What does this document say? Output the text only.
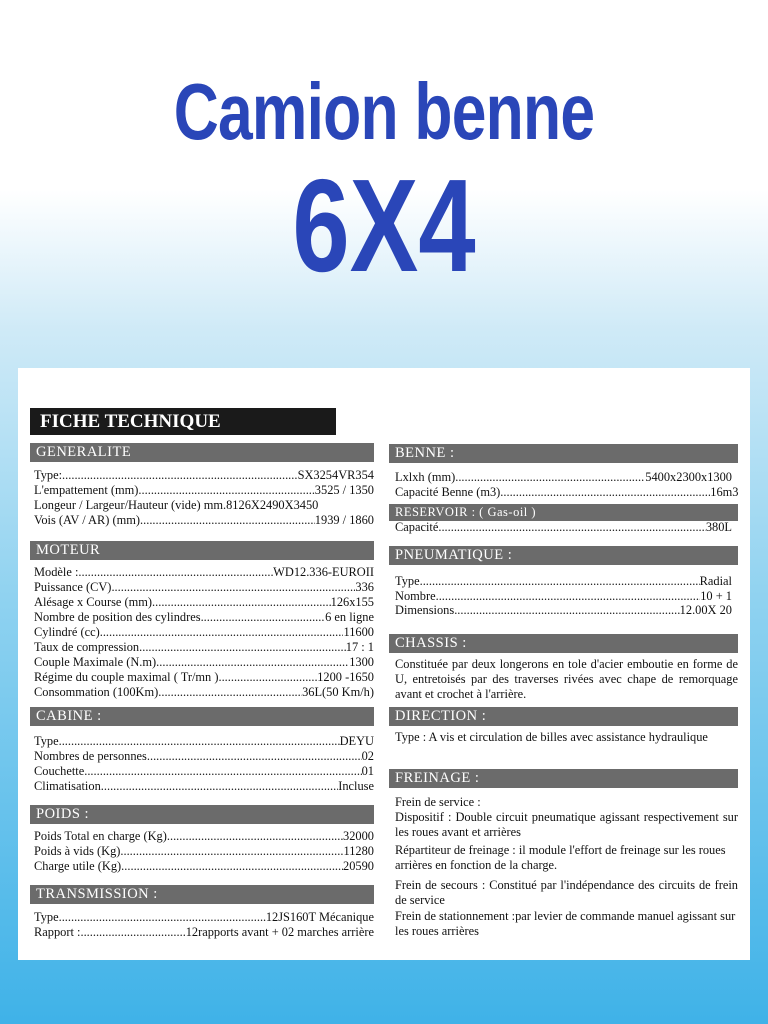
Camion benne
6X4
FICHE TECHNIQUE
GENERALITE
Type: .....	SX3254VR354
L'empattement (mm) .....	3525 / 1350
Longeur / Largeur/Hauteur (vide) mm. 8126X2490X3450
Vois (AV / AR) (mm) .....	1939 / 1860
MOTEUR
Modèle : .....	WD12.336-EUROII
Puissance (CV) .....	336
Alésage x Course (mm) .....	126x155
Nombre de position des cylindres .....	6 en ligne
Cylindré (cc) .....	11600
Taux de compression .....	17 : 1
Couple Maximale (N.m) .....	1300
Régime du couple maximal ( Tr/mn ) .....	1200 -1650
Consommation (100Km) .....	36L(50 Km/h)
CABINE :
Type .....	DEYU
Nombres de personnes .....	02
Couchette .....	01
Climatisation .....	Incluse
POIDS :
Poids Total en charge (Kg) .....	32000
Poids à vids (Kg) .....	11280
Charge utile (Kg) .....	20590
TRANSMISSION :
Type .....	12JS160T Mécanique
Rapport : .....	12rapports avant + 02 marches arrière
BENNE :
Lxlxh (mm) .....	5400x2300x1300
Capacité Benne (m3) .....	16m3
RESERVOIR : ( Gas-oil )
Capacité .....	380L
PNEUMATIQUE :
Type .....	Radial
Nombre .....	10 + 1
Dimensions .....	12.00X 20
CHASSIS :
Constituée par deux longerons en tole d'acier emboutie en forme de U, entretoisés par des traverses rivées avec chape de remorquage avant et crochet à l'arrière.
DIRECTION :
Type : A vis et circulation de billes avec assistance hydraulique
FREINAGE :
Frein de service :
Dispositif : Double circuit pneumatique agissant respectivement sur les roues avant et arrières
Répartiteur de freinage : il module l'effort de freinage sur les roues arrières en fonction de la charge.
Frein de secours : Constitué par l'indépendance des circuits de frein de service
Frein de stationnement :par levier de commande manuel agissant sur les roues arrières
